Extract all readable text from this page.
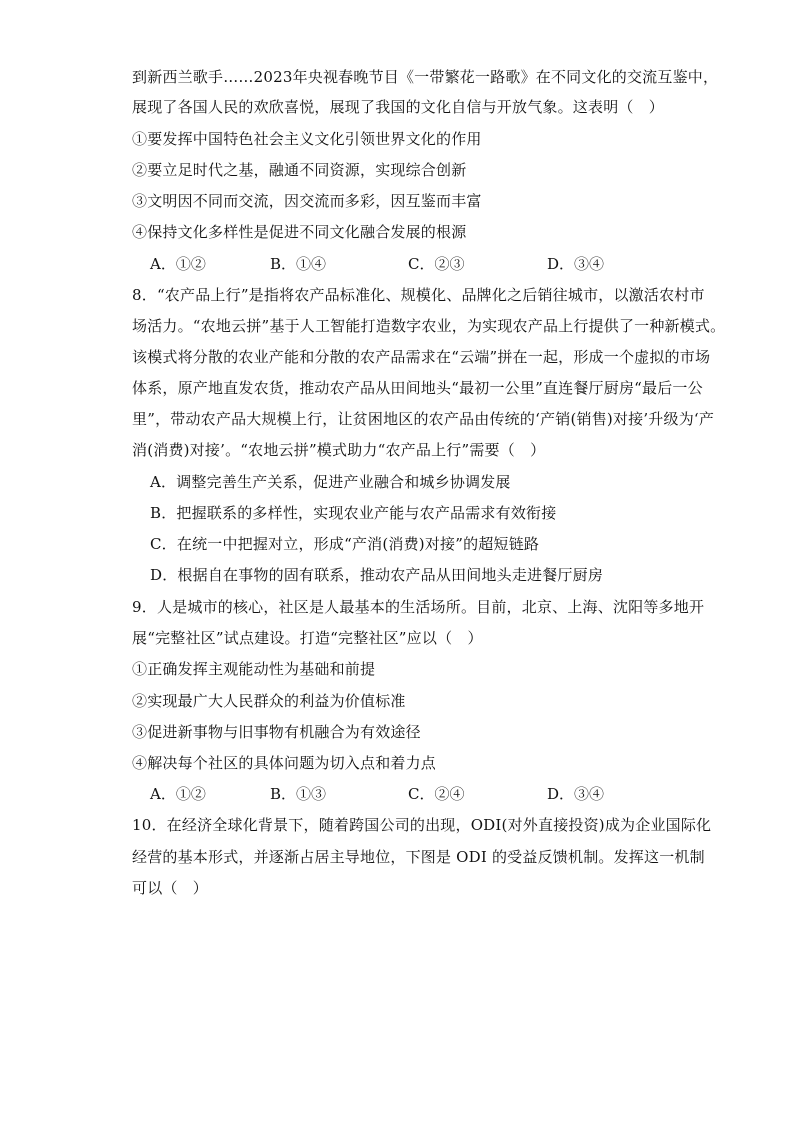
到新西兰歌手……2023年央视春晚节目《一带繁花一路歌》在不同文化的交流互鉴中，
展现了各国人民的欢欣喜悦，展现了我国的文化自信与开放气象。这表明（　）
①要发挥中国特色社会主义文化引领世界文化的作用
②要立足时代之基，融通不同资源，实现综合创新
③文明因不同而交流，因交流而多彩，因互鉴而丰富
④保持文化多样性是促进不同文化融合发展的根源
A．①②	B．①④	C．②③	D．③④
8．“农产品上行”是指将农产品标准化、规模化、品牌化之后销往城市，以激活农村市
场活力。“农地云拼”基于人工智能打造数字农业，为实现农产品上行提供了一种新模式。
该模式将分散的农业产能和分散的农产品需求在“云端”拼在一起，形成一个虚拟的市场
体系，原产地直发农货，推动农产品从田间地头“最初一公里”直连餐厅厨房“最后一公
里”，带动农产品大规模上行，让贫困地区的农产品由传统的‘产销(销售)对接’升级为‘产
消(消费)对接’。“农地云拼”模式助力“农产品上行”需要（　）
A．调整完善生产关系，促进产业融合和城乡协调发展
B．把握联系的多样性，实现农业产能与农产品需求有效衔接
C．在统一中把握对立，形成“产消(消费)对接”的超短链路
D．根据自在事物的固有联系，推动农产品从田间地头走进餐厅厨房
9．人是城市的核心，社区是人最基本的生活场所。目前，北京、上海、沈阳等多地开
展“完整社区”试点建设。打造“完整社区”应以（　）
①正确发挥主观能动性为基础和前提
②实现最广大人民群众的利益为价值标准
③促进新事物与旧事物有机融合为有效途径
④解决每个社区的具体问题为切入点和着力点
A．①②	B．①③	C．②④	D．③④
10．在经济全球化背景下，随着跨国公司的出现，ODI(对外直接投资)成为企业国际化
经营的基本形式，并逐渐占居主导地位，下图是 ODI 的受益反馈机制。发挥这一机制
可以（　）
